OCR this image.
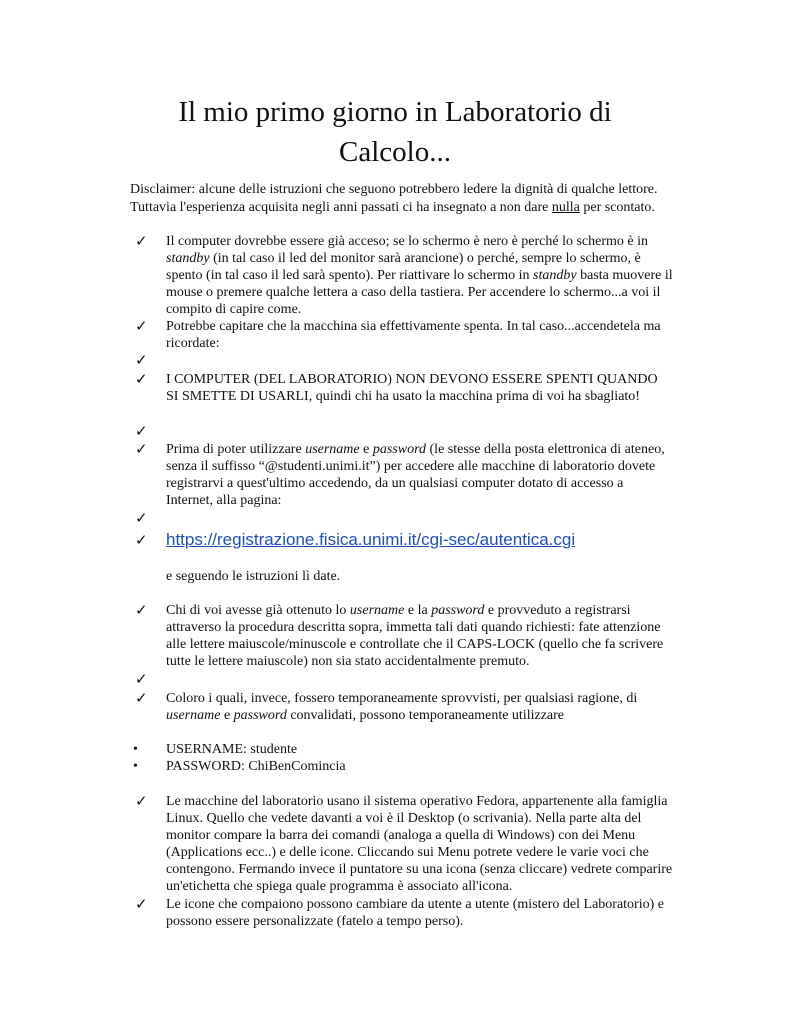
Il mio primo giorno in Laboratorio di Calcolo...

Disclaimer: alcune delle istruzioni che seguono potrebbero ledere la dignità di qualche lettore. Tuttavia l'esperienza acquisita negli anni passati ci ha insegnato a non dare nulla per scontato.

✓	Il computer dovrebbe essere già acceso; se lo schermo è nero è perché lo schermo è in standby (in tal caso il led del monitor sarà arancione) o perché, sempre lo schermo, è spento (in tal caso il led sarà spento). Per riattivare lo schermo in standby basta muovere il mouse o premere qualche lettera a caso della tastiera. Per accendere lo schermo...a voi il compito di capire come.
✓	Potrebbe capitare che la macchina sia effettivamente spenta. In tal caso...accendetela ma ricordate:
✓
✓	I COMPUTER (DEL LABORATORIO) NON DEVONO ESSERE SPENTI QUANDO SI SMETTE DI USARLI, quindi chi ha usato la macchina prima di voi ha sbagliato!
✓
✓	Prima di poter utilizzare username e password (le stesse della posta elettronica di ateneo, senza il suffisso “@studenti.unimi.it”) per accedere alle macchine di laboratorio dovete registrarvi a quest'ultimo accedendo, da un qualsiasi computer dotato di accesso a Internet, alla pagina:
✓
✓	https://registrazione.fisica.unimi.it/cgi-sec/autentica.cgi
e seguendo le istruzioni lì date.
✓	Chi di voi avesse già ottenuto lo username e la password e provveduto a registrarsi attraverso la procedura descritta sopra, immetta tali dati quando richiesti: fate attenzione alle lettere maiuscole/minuscole e controllate che il CAPS-LOCK (quello che fa scrivere tutte le lettere maiuscole) non sia stato accidentalmente premuto.
✓
✓	Coloro i quali, invece, fossero temporaneamente sprovvisti, per qualsiasi ragione, di username e password convalidati, possono temporaneamente utilizzare
•	USERNAME: studente
•	PASSWORD: ChiBenComincia
✓	Le macchine del laboratorio usano il sistema operativo Fedora, appartenente alla famiglia Linux. Quello che vedete davanti a voi è il Desktop (o scrivania). Nella parte alta del monitor compare la barra dei comandi (analoga a quella di Windows) con dei Menu (Applications ecc..) e delle icone. Cliccando sui Menu potrete vedere le varie voci che contengono. Fermando invece il puntatore su una icona (senza cliccare) vedrete comparire un'etichetta che spiega quale programma è associato all'icona.
✓	Le icone che compaiono possono cambiare da utente a utente (mistero del Laboratorio) e possono essere personalizzate (fatelo a tempo perso).
